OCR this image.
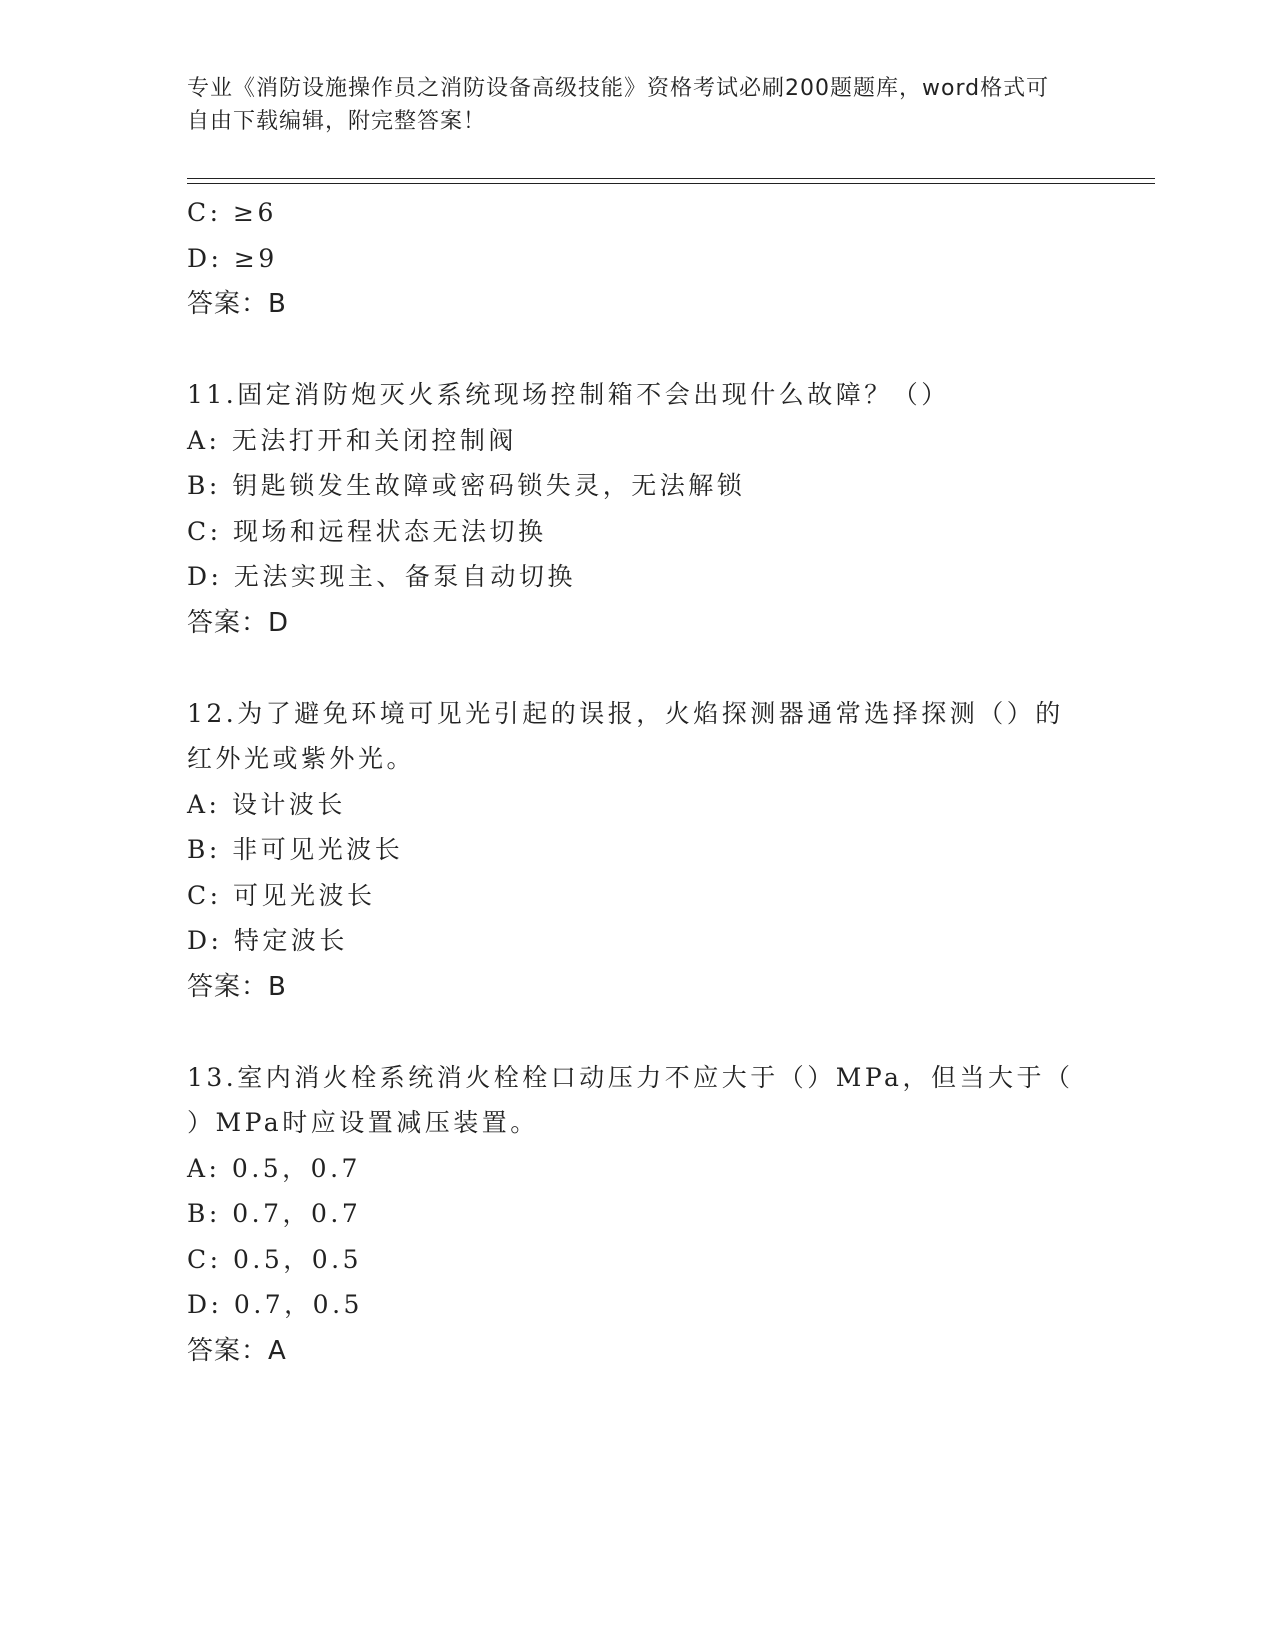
专业《消防设施操作员之消防设备高级技能》资格考试必刷200题题库，word格式可自由下载编辑，附完整答案！
C: ≥6
D: ≥9
答案：B
11.固定消防炮灭火系统现场控制箱不会出现什么故障？（）
A: 无法打开和关闭控制阀
B: 钥匙锁发生故障或密码锁失灵，无法解锁
C: 现场和远程状态无法切换
D: 无法实现主、备泵自动切换
答案：D
12.为了避免环境可见光引起的误报，火焰探测器通常选择探测（）的
红外光或紫外光。
A: 设计波长
B: 非可见光波长
C: 可见光波长
D: 特定波长
答案：B
13.室内消火栓系统消火栓栓口动压力不应大于（）MPa，但当大于（
）MPa时应设置减压装置。
A: 0.5，0.7
B: 0.7，0.7
C: 0.5，0.5
D: 0.7，0.5
答案：A
